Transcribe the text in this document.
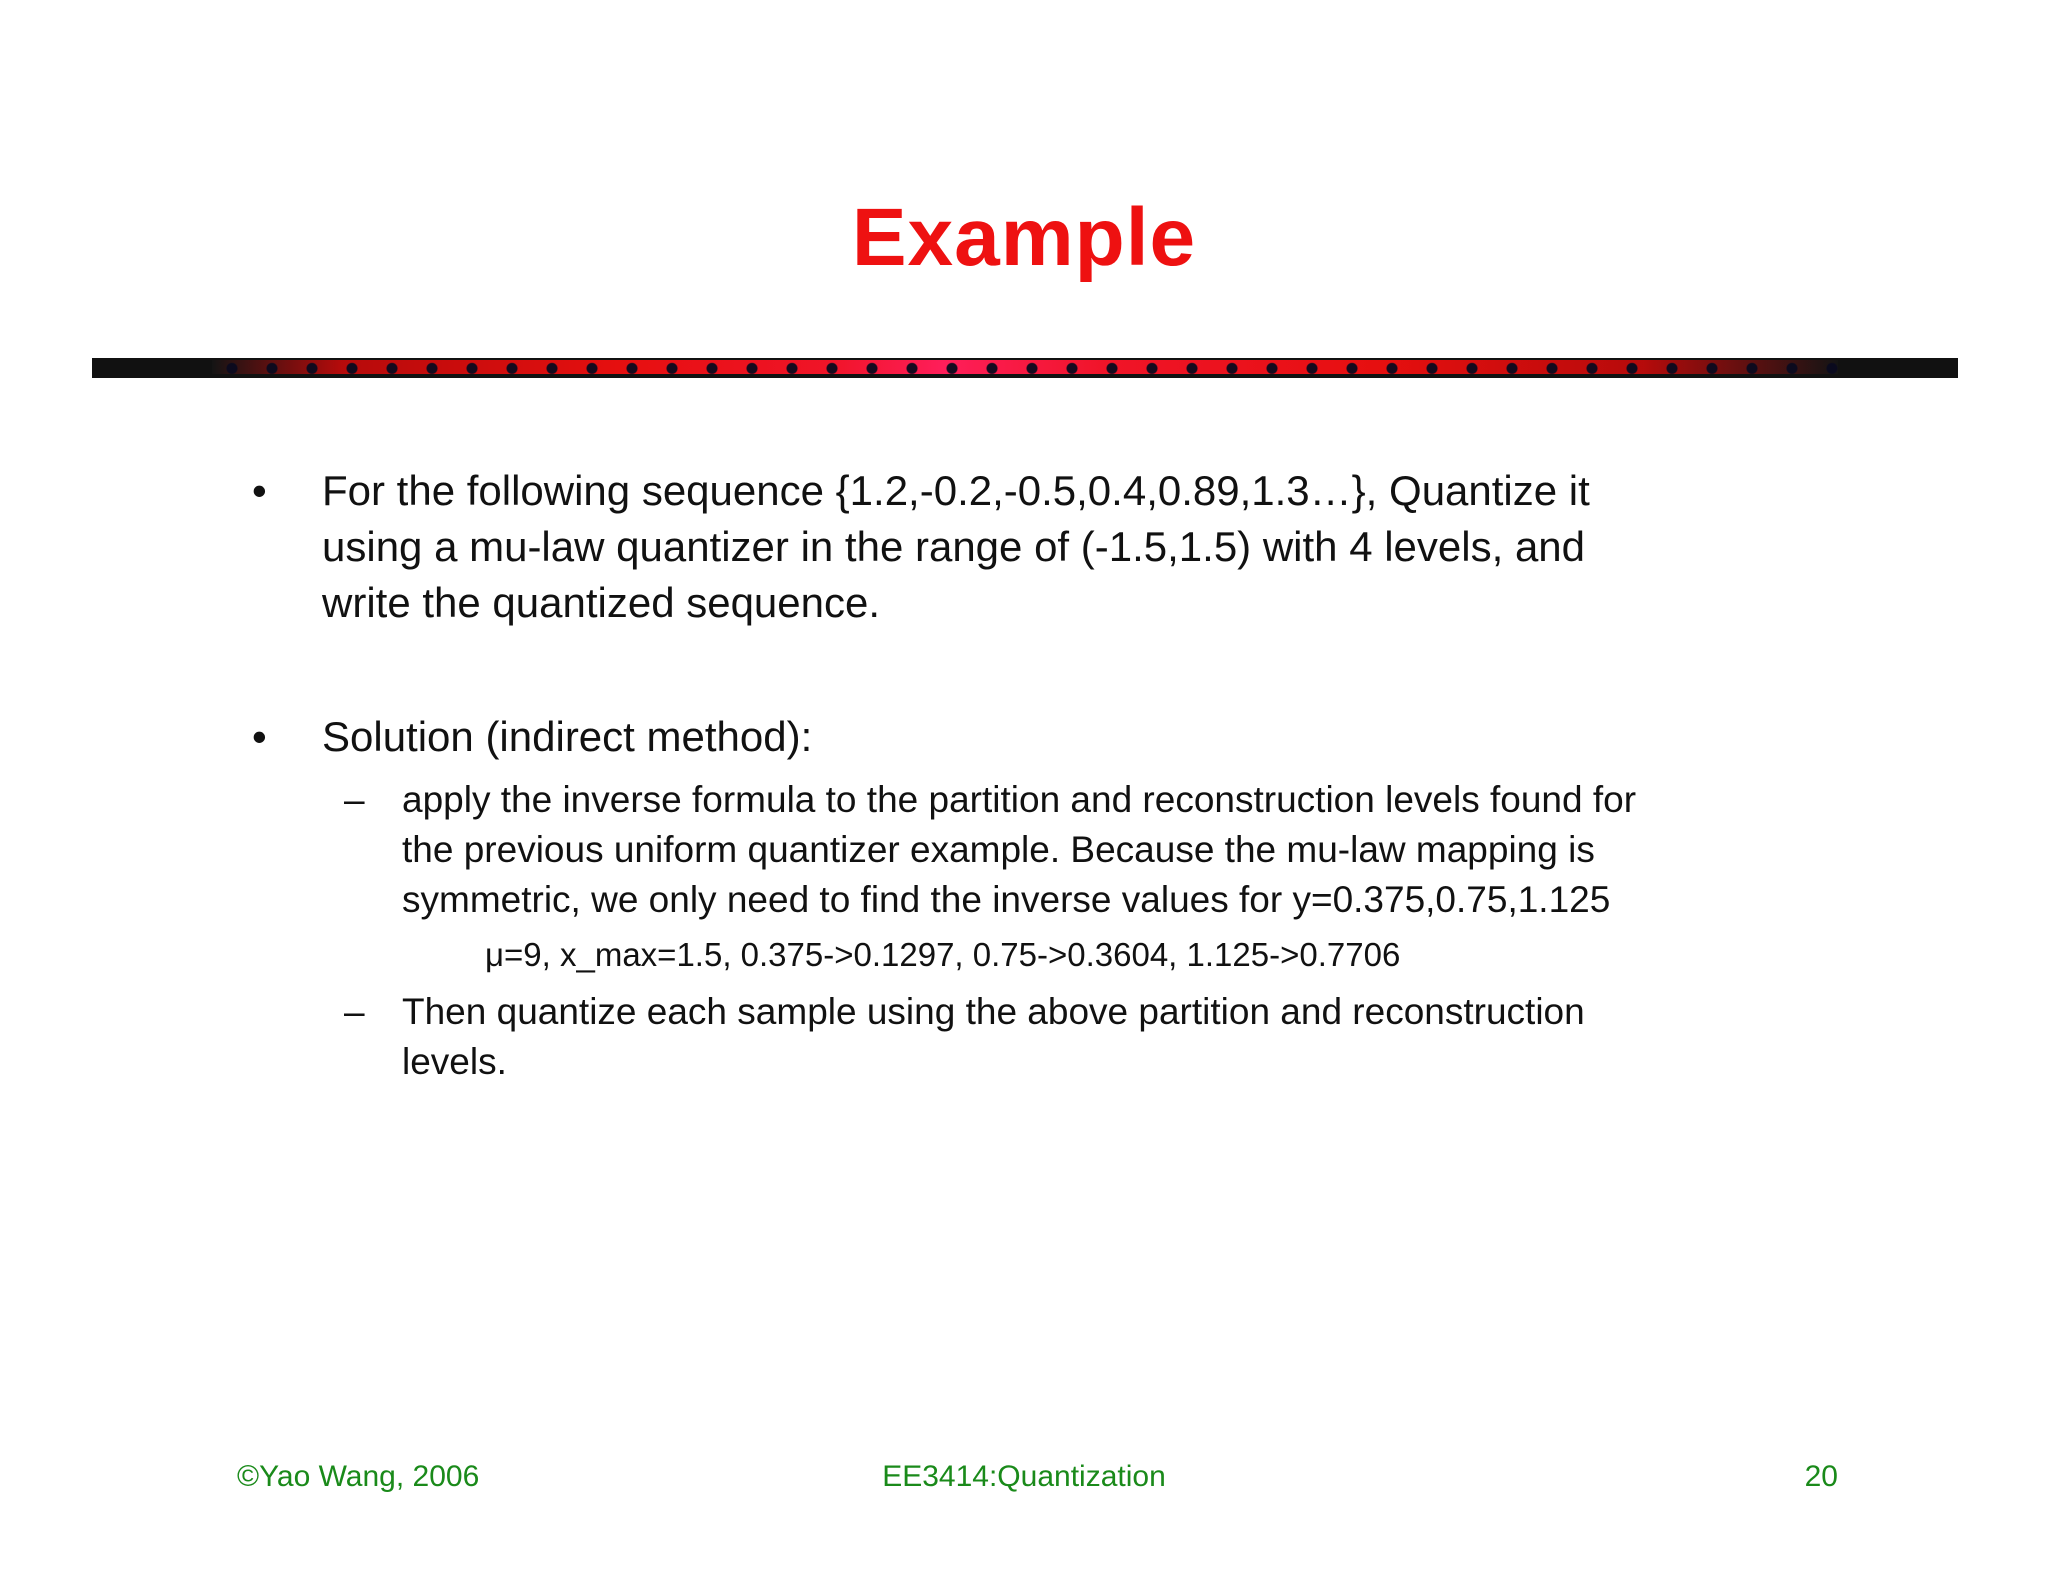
Example
• For the following sequence {1.2,-0.2,-0.5,0.4,0.89,1.3…}, Quantize it
using a mu-law quantizer in the range of (-1.5,1.5) with 4 levels, and
write the quantized sequence.
• Solution (indirect method):
– apply the inverse formula to the partition and reconstruction levels found for
the previous uniform quantizer example. Because the mu-law mapping is
symmetric, we only need to find the inverse values for y=0.375,0.75,1.125
μ=9, x_max=1.5, 0.375->0.1297, 0.75->0.3604, 1.125->0.7706
– Then quantize each sample using the above partition and reconstruction
levels.
©Yao Wang, 2006	EE3414:Quantization	20
